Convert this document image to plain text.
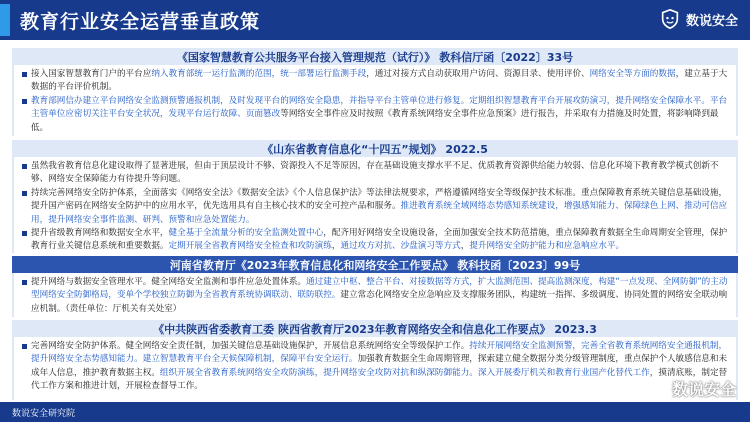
教育行业安全运营垂直政策	数说安全
《国家智慧教育公共服务平台接入管理规范（试行）》 教科信厅函〔2022〕33号
接入国家智慧教育门户的平台应纳入教育部统一运行监测的范围，统一部署运行监测手段，通过对接方式自动获取用户访问、资源目录、使用评价、网络安全等方面的数据，建立基于大数据的平台评价机制。
教育部网信办建立平台网络安全监测预警通报机制，及时发现平台的网络安全隐患，并指导平台主管单位进行修复。定期组织智慧教育平台开展攻防演习，提升网络安全保障水平。平台主管单位应密切关注平台安全状况，发现平台运行故障、页面篡改等网络安全事件应及时按照《教育系统网络安全事件应急预案》进行报告，并采取有力措施及时处置，将影响降到最低。
《山东省教育信息化“十四五”规划》 2022.5
虽然我省教育信息化建设取得了显著进展，但由于顶层设计不够、资源投入不足等原因，存在基础设施支撑水平不足、优质教育资源供给能力较弱、信息化环境下教育教学模式创新不够、网络安全保障能力有待提升等问题。
持续完善网络安全防护体系，全面落实《网络安全法》《数据安全法》《个人信息保护法》等法律法规要求，严格遵循网络安全等级保护技术标准。重点保障教育系统关键信息基础设施，提升国产密码在网络安全防护中的应用水平，优先选用具有自主核心技术的安全可控产品和服务。推进教育系统全域网络态势感知系统建设，增强感知能力、保障绿色上网、推动可信应用，提升网络安全事件监测、研判、预警和应急处置能力。
提升省级教育网络和数据安全水平，健全基于全流量分析的安全监测处置中心，配齐用好网络安全设施设备，全面加强安全技术防范措施，重点保障教育数据全生命周期安全管理，保护教育行业关键信息系统和重要数据。定期开展全省教育网络安全检查和攻防演练，通过攻方对抗、沙盘演习等方式，提升网络安全防护能力和应急响应水平。
河南省教育厅《2023年教育信息化和网络安全工作要点》 教科技函〔2023〕99号
提升网络与数据安全管理水平。健全网络安全监测和事件应急处置体系。通过建立中枢、整合平台、对接数据等方式，扩大监测范围、提高监测深度，构建“一点发现、全网防御”的主动型网络安全防御格局，变单个学校独立防御为全省教育系统协调联动、联防联控。建立常态化网络安全应急响应及支撑服务团队，构建统一指挥、多级调度、协同处置的网络安全联动响应机制。（责任单位：厅机关有关处室）
《中共陕西省委教育工委 陕西省教育厅2023年教育网络安全和信息化工作要点》 2023.3
完善网络安全防护体系。健全网络安全责任制，加强关键信息基础设施保护，开展信息系统网络安全等级保护工作。持续开展网络安全监测预警，完善全省教育系统网络安全通报机制，提升网络安全态势感知能力。建立智慧教育平台全天候保障机制，保障平台安全运行。加强教育数据全生命周期管理，探索建立健全数据分类分级管理制度，重点保护个人敏感信息和未成年人信息，推护教育数据主权。组织开展全省教育系统网络安全攻防演练，提升网络安全攻防对抗和纵深防御能力。深入开展委厅机关和教育行业国产化替代工作，摸清底账，制定替代工作方案和推进计划，开展检查督导工作。
数说安全研究院
数说安全
